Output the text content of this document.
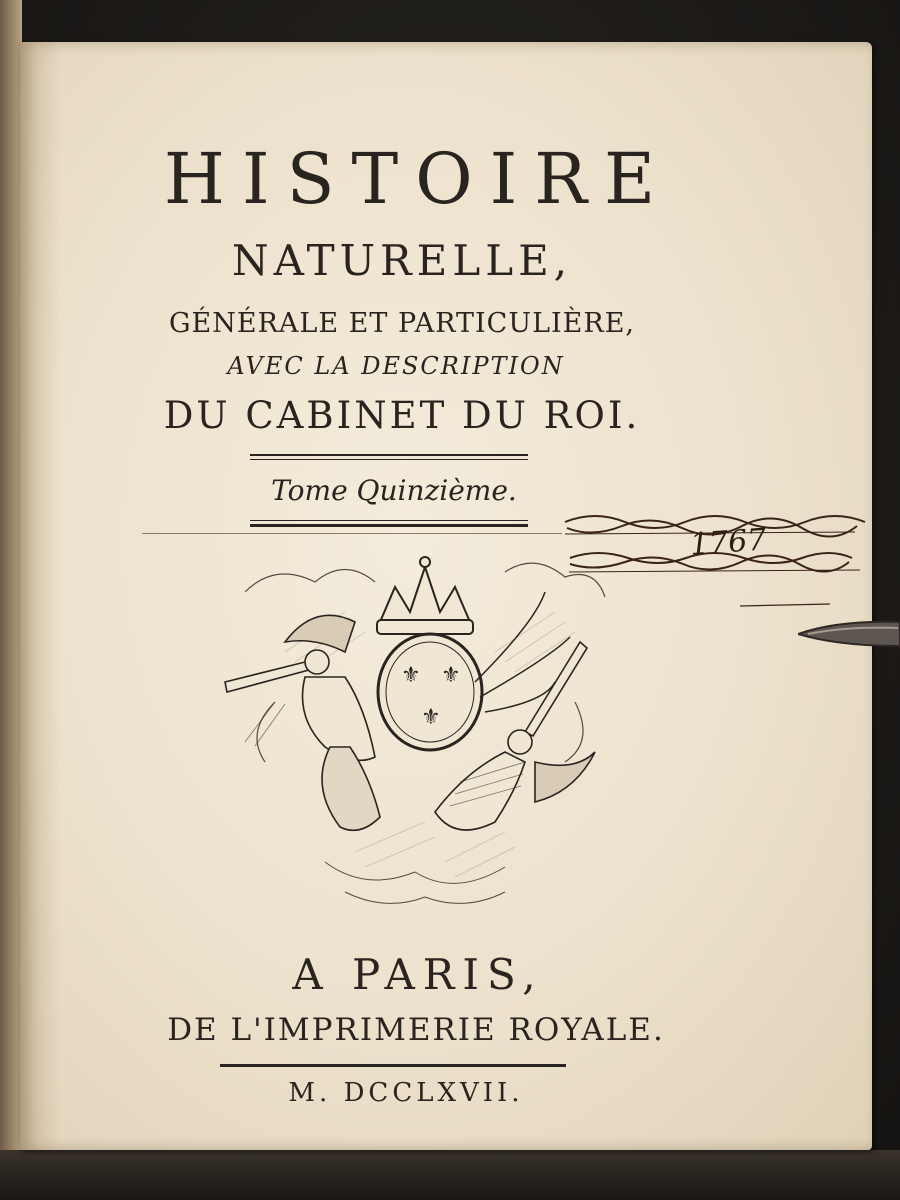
HISTOIRE
NATURELLE,
GÉNÉRALE ET PARTICULIÈRE,
AVEC LA DESCRIPTION
DU CABINET DU ROI.
Tome Quinzième.
⚜ ⚜
⚜
A PARIS,
DE L'IMPRIMERIE ROYALE.
M. DCCLXVII.
1767
